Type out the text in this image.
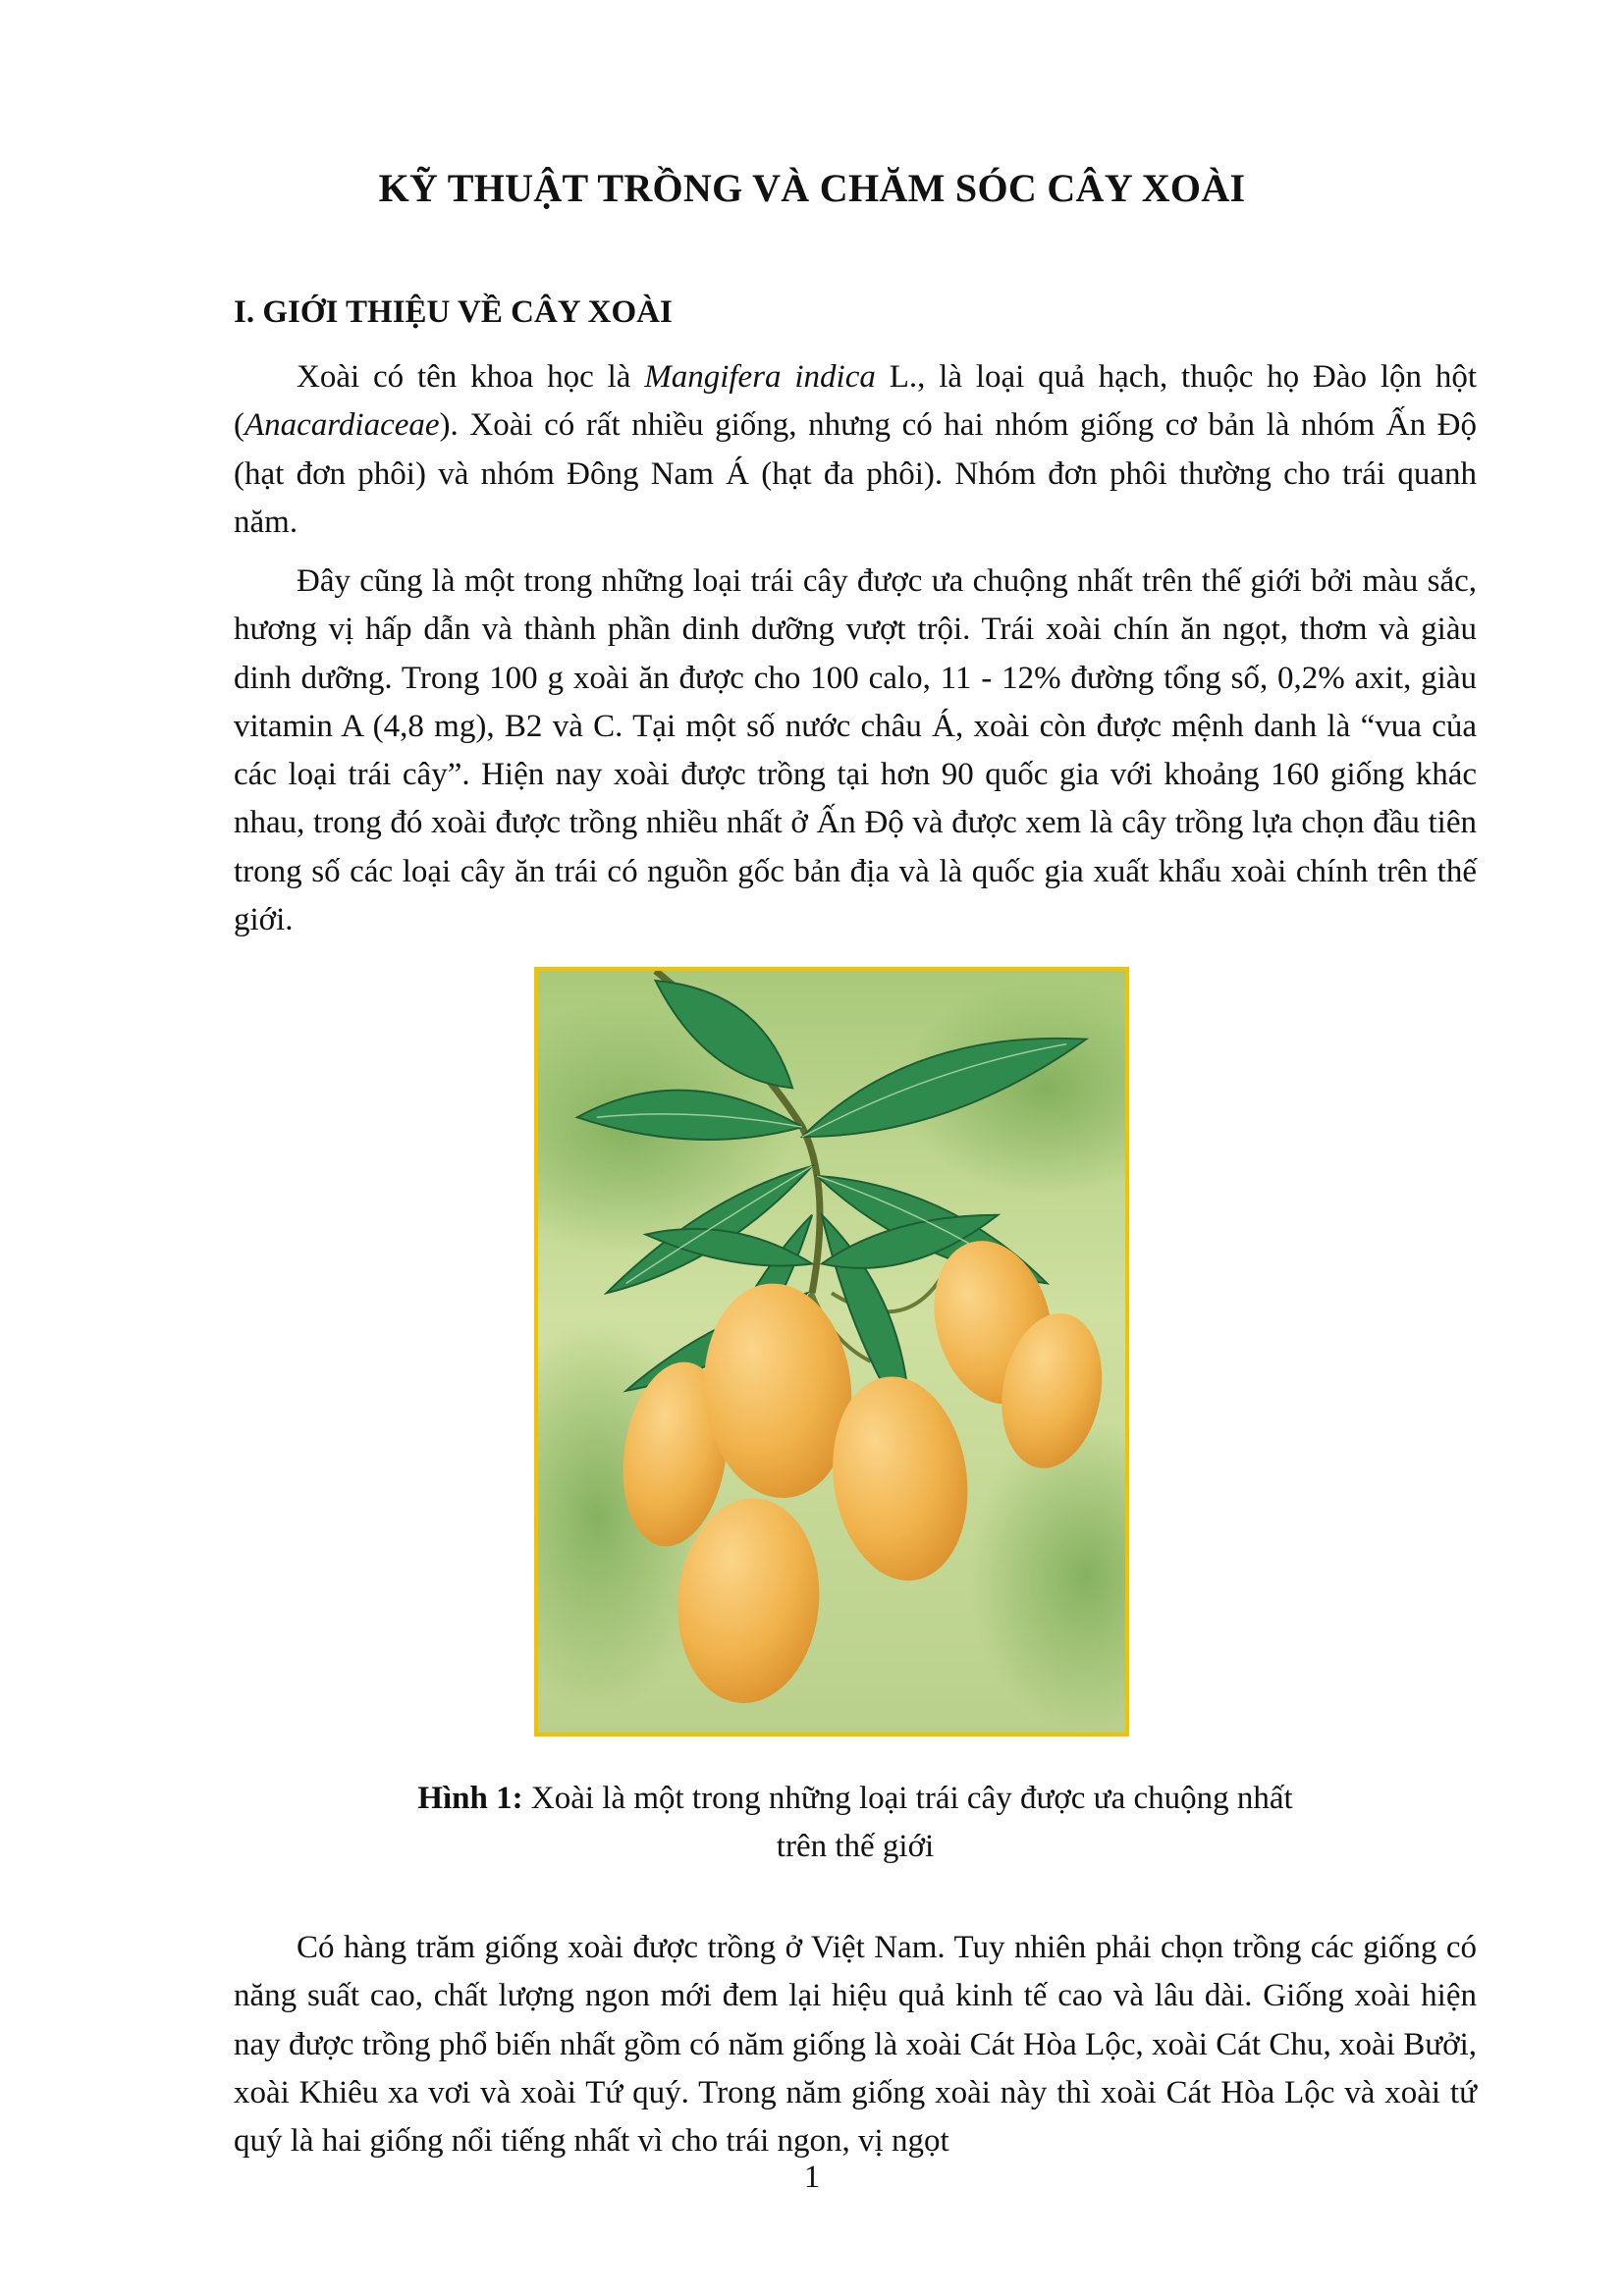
KỸ THUẬT TRỒNG VÀ CHĂM SÓC CÂY XOÀI
I. GIỚI THIỆU VỀ CÂY XOÀI

Xoài có tên khoa học là Mangifera indica L., là loại quả hạch, thuộc họ Đào lộn hột (Anacardiaceae). Xoài có rất nhiều giống, nhưng có hai nhóm giống cơ bản là nhóm Ấn Độ (hạt đơn phôi) và nhóm Đông Nam Á (hạt đa phôi). Nhóm đơn phôi thường cho trái quanh năm.

Đây cũng là một trong những loại trái cây được ưa chuộng nhất trên thế giới bởi màu sắc, hương vị hấp dẫn và thành phần dinh dưỡng vượt trội. Trái xoài chín ăn ngọt, thơm và giàu dinh dưỡng. Trong 100 g xoài ăn được cho 100 calo, 11 - 12% đường tổng số, 0,2% axit, giàu vitamin A (4,8 mg), B2 và C. Tại một số nước châu Á, xoài còn được mệnh danh là “vua của các loại trái cây”. Hiện nay xoài được trồng tại hơn 90 quốc gia với khoảng 160 giống khác nhau, trong đó xoài được trồng nhiều nhất ở Ấn Độ và được xem là cây trồng lựa chọn đầu tiên trong số các loại cây ăn trái có nguồn gốc bản địa và là quốc gia xuất khẩu xoài chính trên thế giới.

Hình 1: Xoài là một trong những loại trái cây được ưa chuộng nhất
trên thế giới

Có hàng trăm giống xoài được trồng ở Việt Nam. Tuy nhiên phải chọn trồng các giống có năng suất cao, chất lượng ngon mới đem lại hiệu quả kinh tế cao và lâu dài. Giống xoài hiện nay được trồng phổ biến nhất gồm có năm giống là xoài Cát Hòa Lộc, xoài Cát Chu, xoài Bưởi, xoài Khiêu xa vơi và xoài Tứ quý. Trong năm giống xoài này thì xoài Cát Hòa Lộc và xoài tứ quý là hai giống nổi tiếng nhất vì cho trái ngon, vị ngọt

1
